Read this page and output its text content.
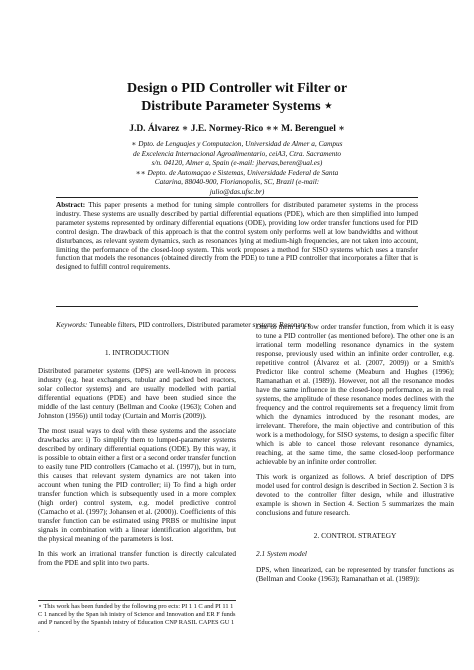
Design o PID Controller wit Filter or
Distribute Parameter Systems ⋆
J.D. Álvarez ∗ J.E. Normey-Rico ∗∗ M. Berenguel ∗
∗ Dpto. de Lenguajes y Computacion, Universidad de Almer a, Campus
de Excelencia Internacional Agroalimentario, ceiA3, Ctra. Sacramento
s/n. 04120, Almer a, Spain (e-mail: jhervas,beren@ual.es)
∗∗ Depto. de Automaçao e Sistemas, Universidade Federal de Santa
Catarina, 88040-900, Florianopolis, SC, Brazil (e-mail:
julio@das.ufsc.br)
Abstract: This paper presents a method for tuning simple controllers for distributed parameter systems in the process industry. These systems are usually described by partial differential equations (PDE), which are then simplified into lumped parameter systems represented by ordinary differential equations (ODE), providing low order transfer functions used for PID control design. The drawback of this approach is that the control system only performs well at low bandwidths and without disturbances, as relevant system dynamics, such as resonances lying at medium-high frequencies, are not taken into account, limiting the performance of the closed-loop system. This work proposes a method for SISO systems which uses a transfer function that models the resonances (obtained directly from the PDE) to tune a PID controller that incorporates a filter that is designed to fulfill control requirements.
Keywords: Tuneable filters, PID controllers, Distributed parameter systems, Resonance
1. INTRODUCTION

Distributed parameter systems (DPS) are well-known in process industry (e.g. heat exchangers, tubular and packed bed reactors, solar collector systems) and are usually modelled with partial differential equations (PDE) and have been studied since the middle of the last century (Bellman and Cooke (1963); Cohen and Johnston (1956)) until today (Curtain and Morris (2009)).

The most usual ways to deal with these systems and the associate drawbacks are: i) To simplify them to lumped-parameter systems described by ordinary differential equations (ODE). By this way, it is possible to obtain either a first or a second order transfer function to easily tune PID controllers (Camacho et al. (1997)), but in turn, this causes that relevant system dynamics are not taken into account when tuning the PID controller; ii) To find a high order transfer function which is subsequently used in a more complex (high order) control system, e.g. model predictive control (Camacho et al. (1997); Johansen et al. (2000)). Coefficients of this transfer function can be estimated using PRBS or multisine input signals in combination with a linear identification algorithm, but the physical meaning of the parameters is lost.

In this work an irrational transfer function is directly calculated from the PDE and split into two parts.

⋆ This work has been funded by the following pro ects: PI 1 1 C and PI 11 1 C 1 nanced by the Span ish inistry of Science and Innovation and ER F funds and P nanced by the Spanish inistry of Education CNP RASIL CAPES GU 1 .

One of them is a low order transfer function, from which it is easy to tune a PID controller (as mentioned before). The other one is an irrational term modelling resonance dynamics in the system response, previously used within an infinite order controller, e.g. repetitive control (Álvarez et al. (2007, 2009)) or a Smith's Predictor like control scheme (Meaburn and Hughes (1996); Ramanathan et al. (1989)). However, not all the resonance modes have the same influence in the closed-loop performance, as in real systems, the amplitude of these resonance modes declines with the frequency and the control requirements set a frequency limit from which the dynamics introduced by the resonant modes, are irrelevant. Therefore, the main objective and contribution of this work is a methodology, for SISO systems, to design a specific filter which is able to cancel those relevant resonance dynamics, reaching, at the same time, the same closed-loop performance achievable by an infinite order controller.

This work is organized as follows. A brief description of DPS model used for control design is described in Section 2. Section 3 is devoted to the controller filter design, while and illustrative example is shown in Section 4. Section 5 summarizes the main conclusions and future research.

2. CONTROL STRATEGY
2.1 System model

DPS, when linearized, can be represented by transfer functions as (Bellman and Cooke (1963); Ramanathan et al. (1989)):
